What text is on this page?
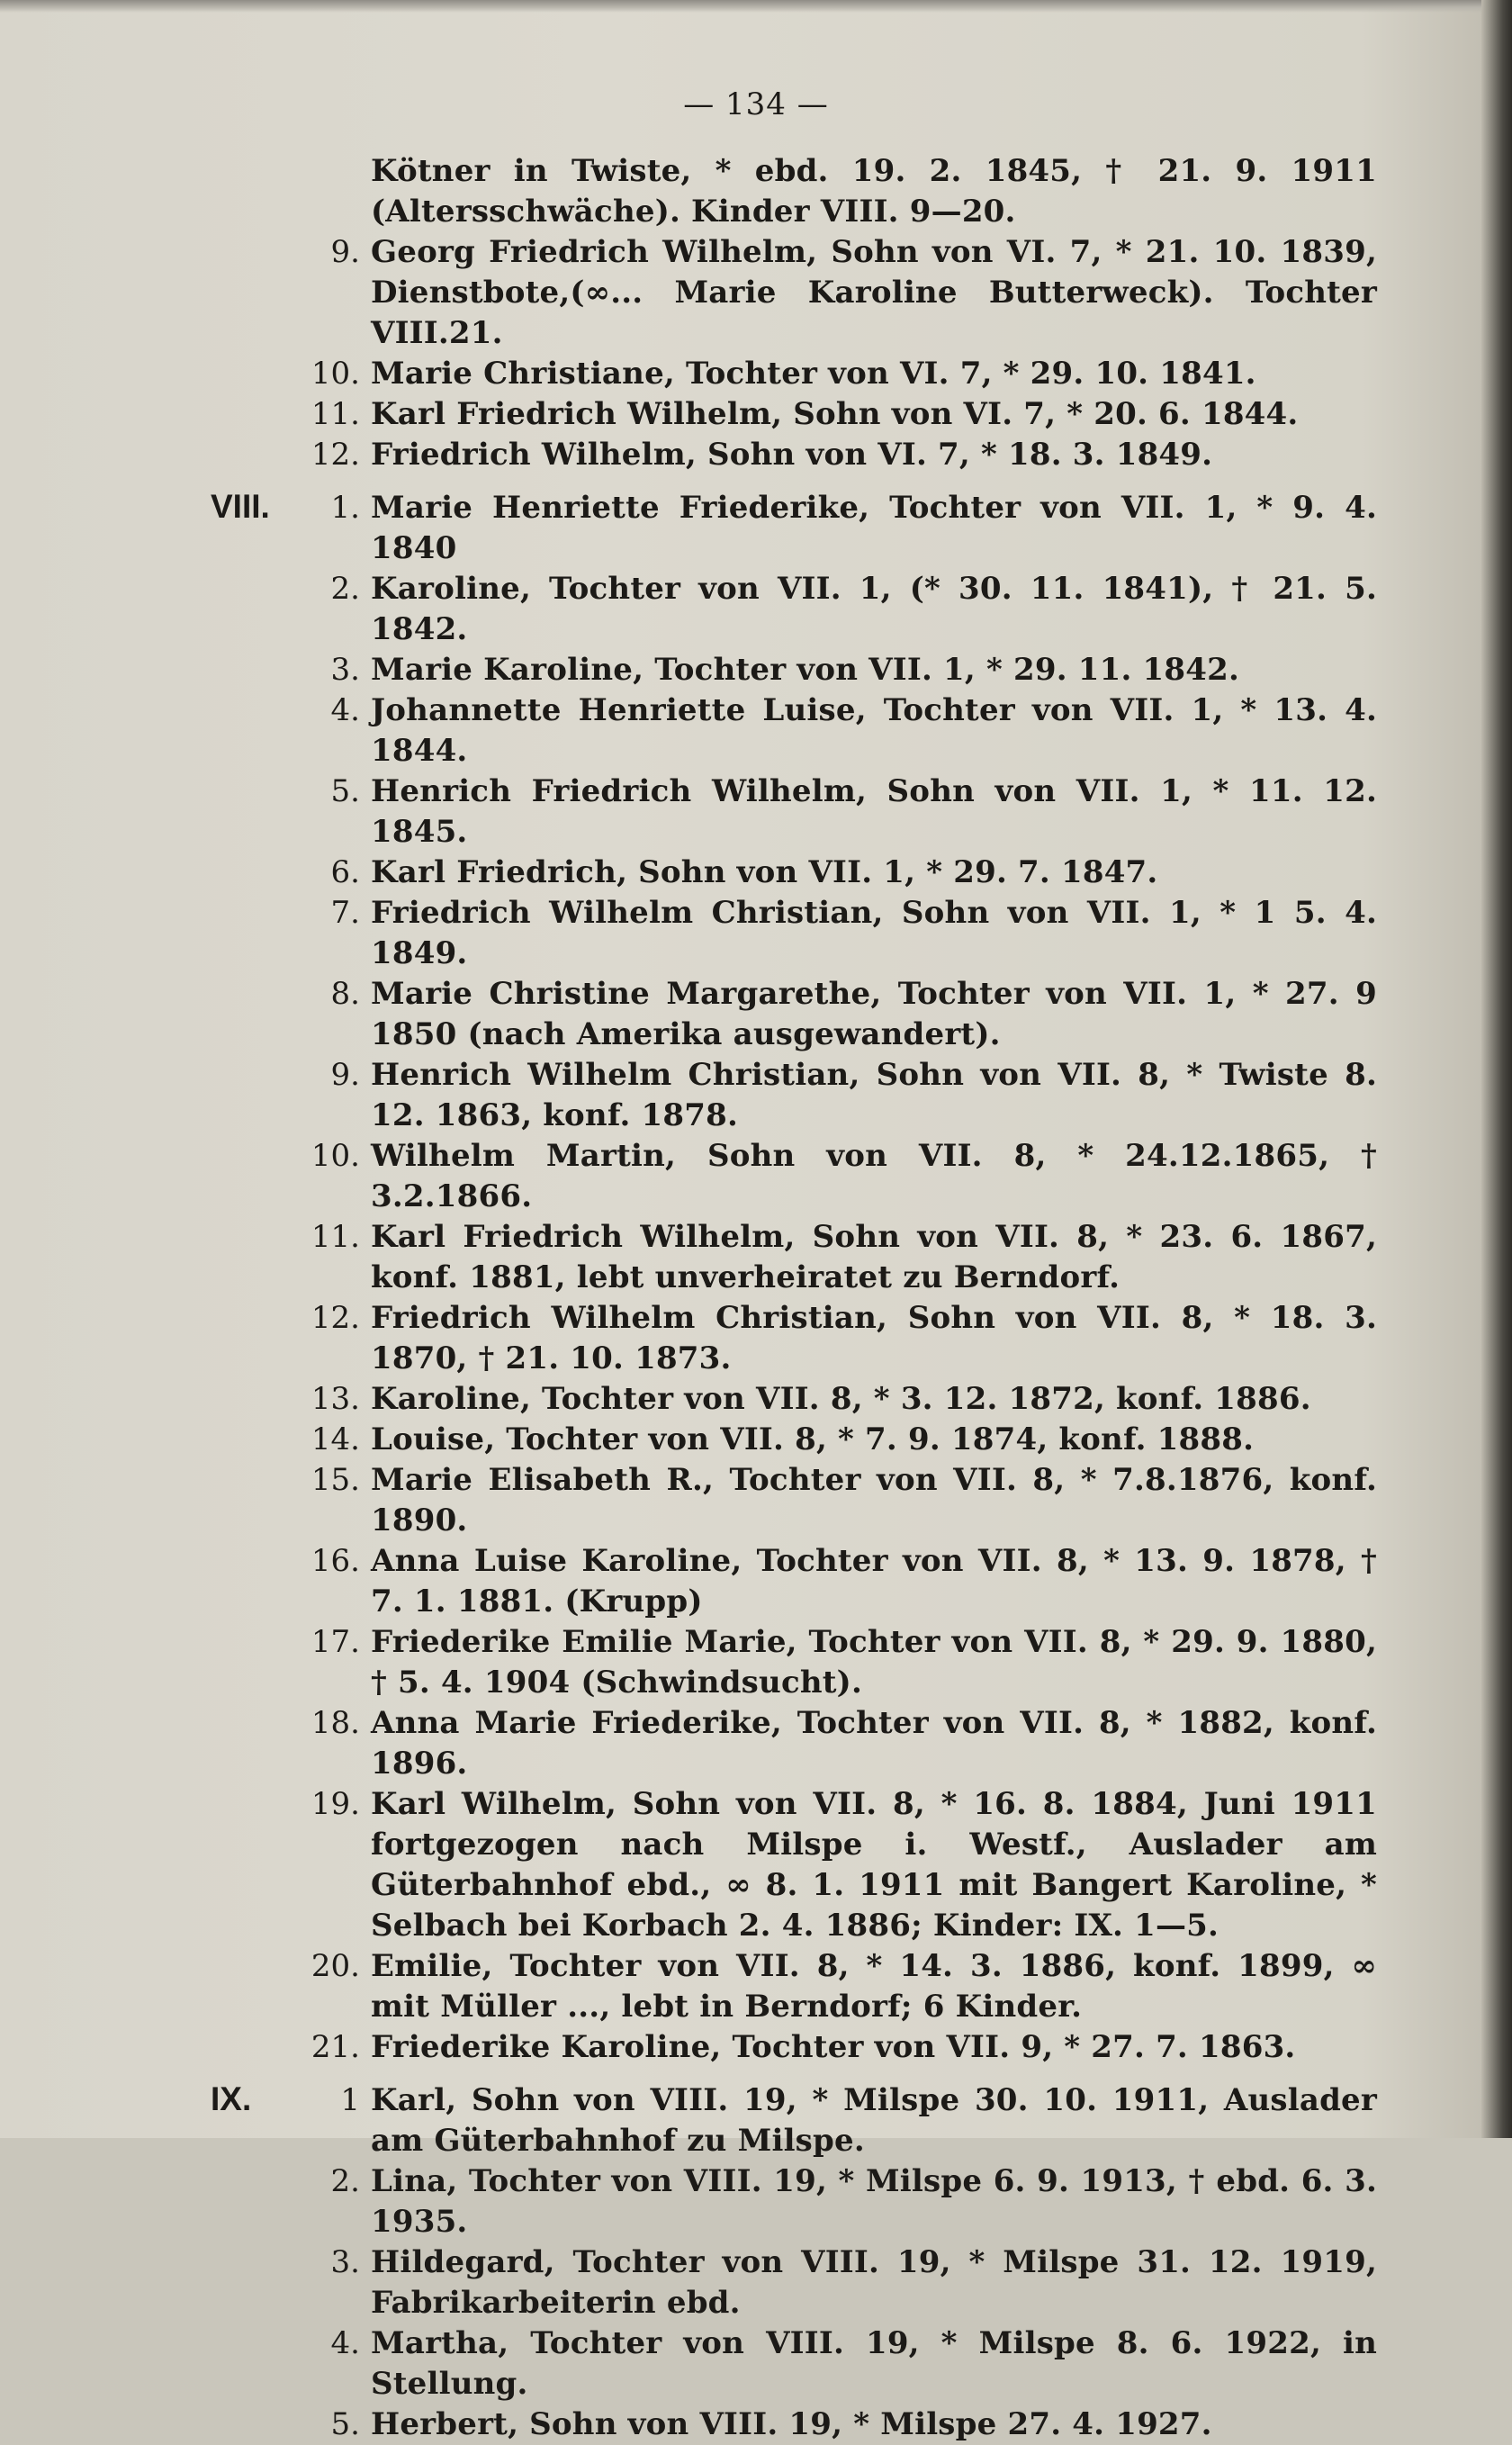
— 134 —
Kötner in Twiste, * ebd. 19. 2. 1845, † 21. 9. 1911 (Altersschwäche). Kinder VIII. 9—20.
9. Georg Friedrich Wilhelm, Sohn von VI. 7, * 21. 10. 1839, Dienstbote,(∞... Marie Karoline Butterweck). Tochter VIII.21.
10. Marie Christiane, Tochter von VI. 7, * 29. 10. 1841.
11. Karl Friedrich Wilhelm, Sohn von VI. 7, * 20. 6. 1844.
12. Friedrich Wilhelm, Sohn von VI. 7, * 18. 3. 1849.
VIII.	1. Marie Henriette Friederike, Tochter von VII. 1, * 9. 4. 1840
2. Karoline, Tochter von VII. 1, (* 30. 11. 1841), † 21. 5. 1842.
3. Marie Karoline, Tochter von VII. 1, * 29. 11. 1842.
4. Johannette Henriette Luise, Tochter von VII. 1, * 13. 4. 1844.
5. Henrich Friedrich Wilhelm, Sohn von VII. 1, * 11. 12. 1845.
6. Karl Friedrich, Sohn von VII. 1, * 29. 7. 1847.
7. Friedrich Wilhelm Christian, Sohn von VII. 1, * 1 5. 4. 1849.
8. Marie Christine Margarethe, Tochter von VII. 1, * 27. 9 1850 (nach Amerika ausgewandert).
9. Henrich Wilhelm Christian, Sohn von VII. 8, * Twiste 8. 12. 1863, konf. 1878.
10. Wilhelm Martin, Sohn von VII. 8, * 24.12.1865, † 3.2.1866.
11. Karl Friedrich Wilhelm, Sohn von VII. 8, * 23. 6. 1867, konf. 1881, lebt unverheiratet zu Berndorf.
12. Friedrich Wilhelm Christian, Sohn von VII. 8, * 18. 3. 1870, † 21. 10. 1873.
13. Karoline, Tochter von VII. 8, * 3. 12. 1872, konf. 1886.
14. Louise, Tochter von VII. 8, * 7. 9. 1874, konf. 1888.
15. Marie Elisabeth R., Tochter von VII. 8, * 7.8.1876, konf. 1890.
16. Anna Luise Karoline, Tochter von VII. 8, * 13. 9. 1878, † 7. 1. 1881. (Krupp)
17. Friederike Emilie Marie, Tochter von VII. 8, * 29. 9. 1880, † 5. 4. 1904 (Schwindsucht).
18. Anna Marie Friederike, Tochter von VII. 8, * 1882, konf. 1896.
19. Karl Wilhelm, Sohn von VII. 8, * 16. 8. 1884, Juni 1911 fortgezogen nach Milspe i. Westf., Auslader am Güterbahnhof ebd., ∞ 8. 1. 1911 mit Bangert Karoline, * Selbach bei Korbach 2. 4. 1886; Kinder: IX. 1—5.
20. Emilie, Tochter von VII. 8, * 14. 3. 1886, konf. 1899, ∞ mit Müller ..., lebt in Berndorf; 6 Kinder.
21. Friederike Karoline, Tochter von VII. 9, * 27. 7. 1863.
IX.	1 Karl, Sohn von VIII. 19, * Milspe 30. 10. 1911, Auslader am Güterbahnhof zu Milspe.
2. Lina, Tochter von VIII. 19, * Milspe 6. 9. 1913, † ebd. 6. 3. 1935.
3. Hildegard, Tochter von VIII. 19, * Milspe 31. 12. 1919, Fabrikarbeiterin ebd.
4. Martha, Tochter von VIII. 19, * Milspe 8. 6. 1922, in Stellung.
5. Herbert, Sohn von VIII. 19, * Milspe 27. 4. 1927.
